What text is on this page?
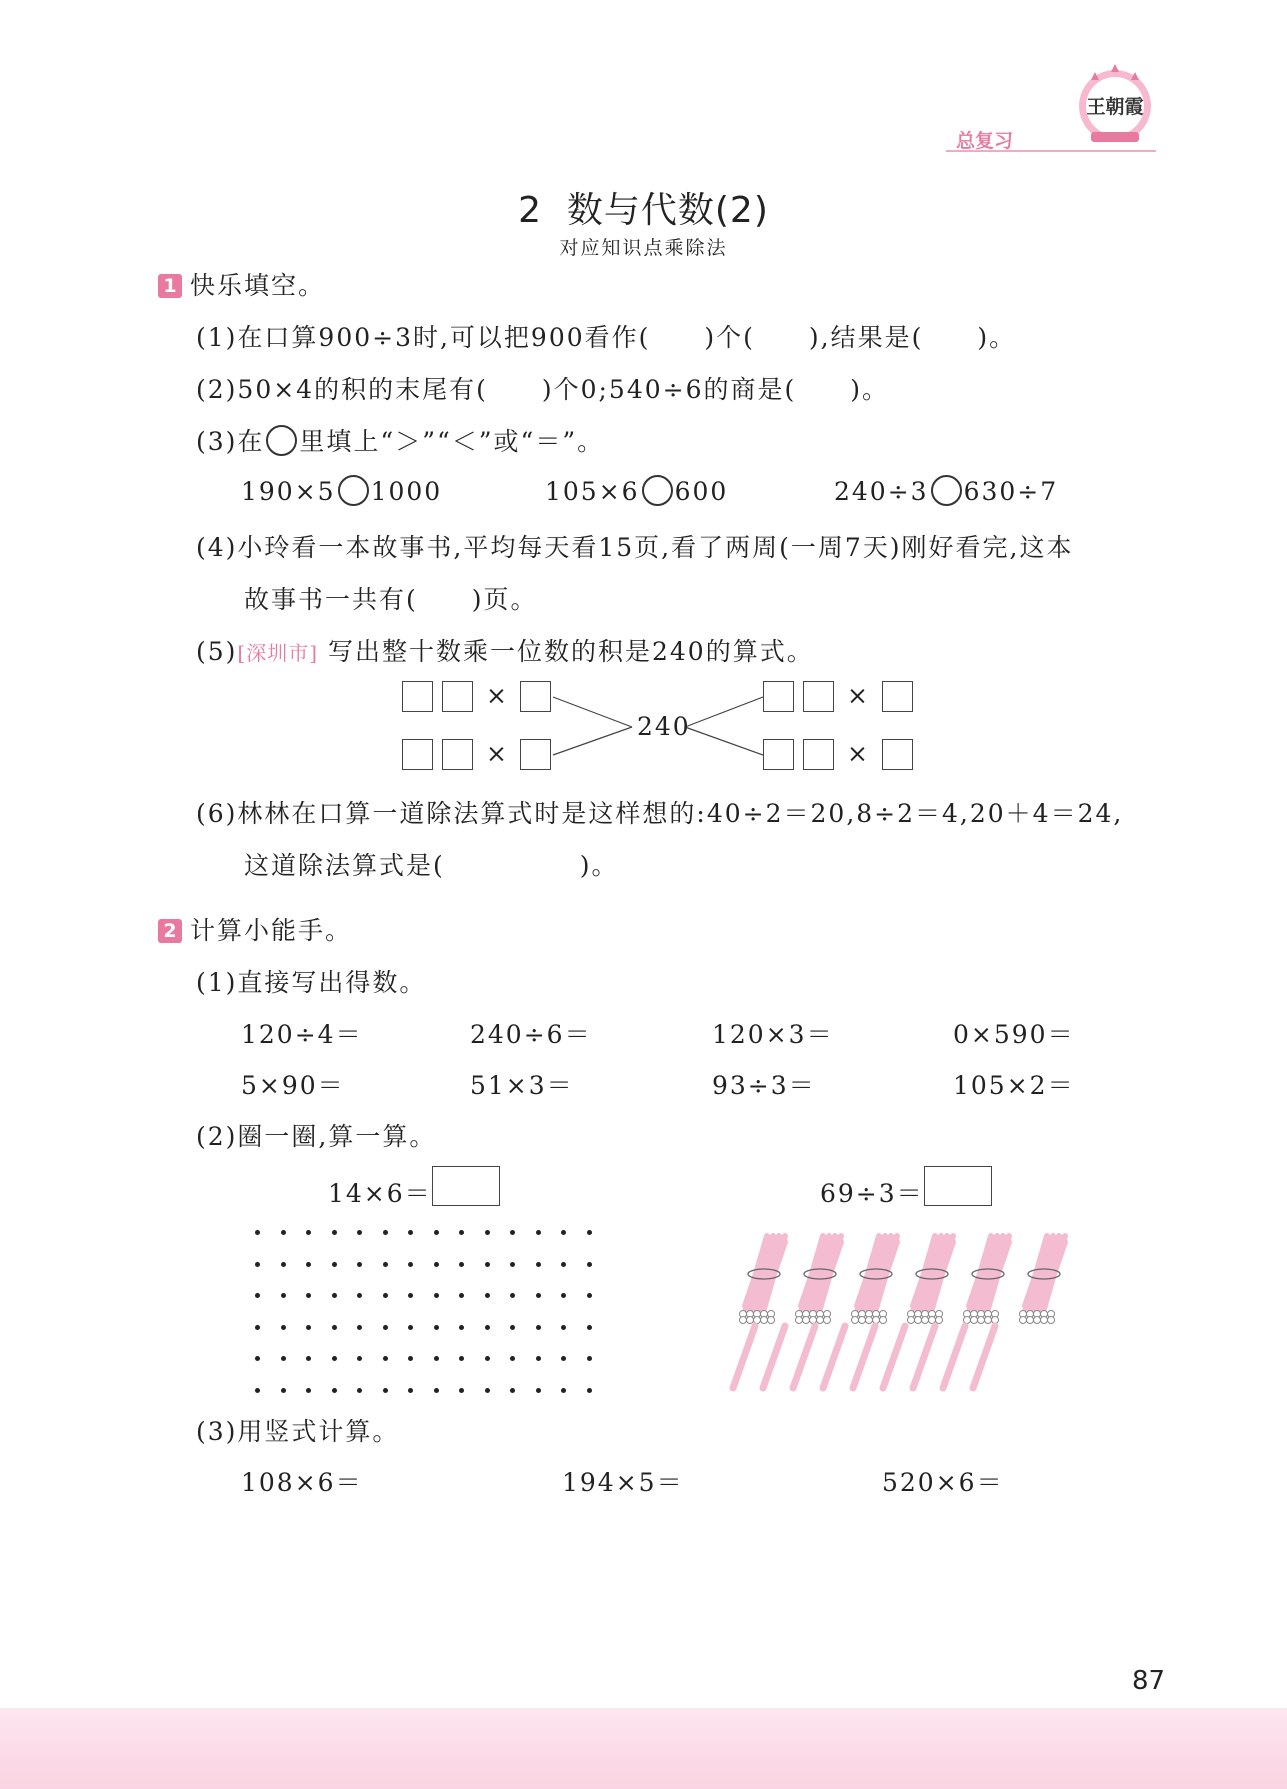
王朝霞
总复习
2  数与代数(2)
对应知识点乘除法
1 快乐填空。
(1)在口算900÷3时,可以把900看作(　　)个(　　),结果是(　　)。
(2)50×4的积的末尾有(　　)个0;540÷6的商是(　　)。
(3)在 里填上“＞”“＜”或“＝”。
190×5 1000	105×6 600	240÷3 630÷7
(4)小玲看一本故事书,平均每天看15页,看了两周(一周7天)刚好看完,这本
故事书一共有(　　)页。
(5)[深圳市] 写出整十数乘一位数的积是240的算式。
240
×
×
×
×
(6)林林在口算一道除法算式时是这样想的:40÷2＝20,8÷2＝4,20＋4＝24,
这道除法算式是(　　　　　)。
2 计算小能手。
(1)直接写出得数。
120÷4＝	240÷6＝	120×3＝	0×590＝
5×90＝	51×3＝	93÷3＝	105×2＝
(2)圈一圈,算一算。
14×6＝	69÷3＝
(3)用竖式计算。
108×6＝	194×5＝	520×6＝
87
